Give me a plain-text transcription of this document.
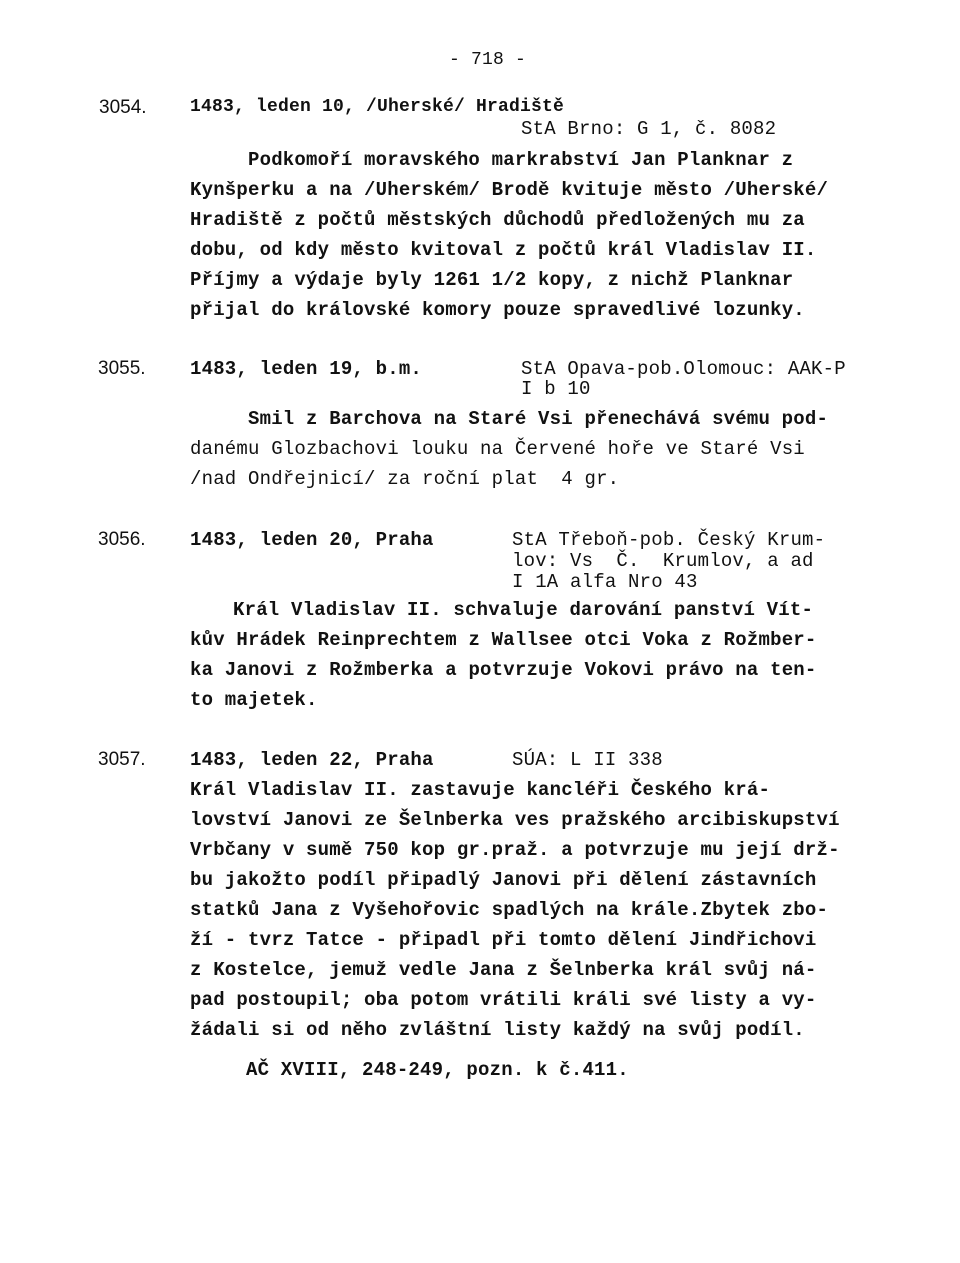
- 718 -
3054. 1483, leden 10, /Uherské/ Hradiště
StA Brno: G 1, č. 8082
Podkomoří moravského markrabství Jan Planknar z
Kynšperku a na /Uherském/ Brodě kvituje město /Uherské/
Hradiště z počtů městských důchodů předložených mu za
dobu, od kdy město kvitoval z počtů král Vladislav II.
Příjmy a výdaje byly 1261 1/2 kopy, z nichž Planknar
přijal do královské komory pouze spravedlivé lozunky.
3055. 1483, leden 19, b.m.	StA Opava-pob.Olomouc: AAK-P
I b 10
Smil z Barchova na Staré Vsi přenechává svému pod-
danému Glozbachovi louku na Červené hoře ve Staré Vsi
/nad Ondřejnicí/ za roční plat  4 gr.
3056. 1483, leden 20, Praha	StA Třeboň-pob. Český Krum-
lov: Vs  Č.  Krumlov, a ad
I 1A alfa Nro 43
Král Vladislav II. schvaluje darování panství Vít-
kův Hrádek Reinprechtem z Wallsee otci Voka z Rožmber-
ka Janovi z Rožmberka a potvrzuje Vokovi právo na ten-
to majetek.
3057. 1483, leden 22, Praha	SÚA: L II 338
Král Vladislav II. zastavuje kancléři Českého krá-
lovství Janovi ze Šelnberka ves pražského arcibiskupství
Vrbčany v sumě 750 kop gr.praž. a potvrzuje mu její drž-
bu jakožto podíl připadlý Janovi při dělení zástavních
statků Jana z Vyšehořovic spadlých na krále.Zbytek zbo-
ží - tvrz Tatce - připadl při tomto dělení Jindřichovi
z Kostelce, jemuž vedle Jana z Šelnberka král svůj ná-
pad postoupil; oba potom vrátili králi své listy a vy-
žádali si od něho zvláštní listy každý na svůj podíl.
AČ XVIII, 248-249, pozn. k č.411.
